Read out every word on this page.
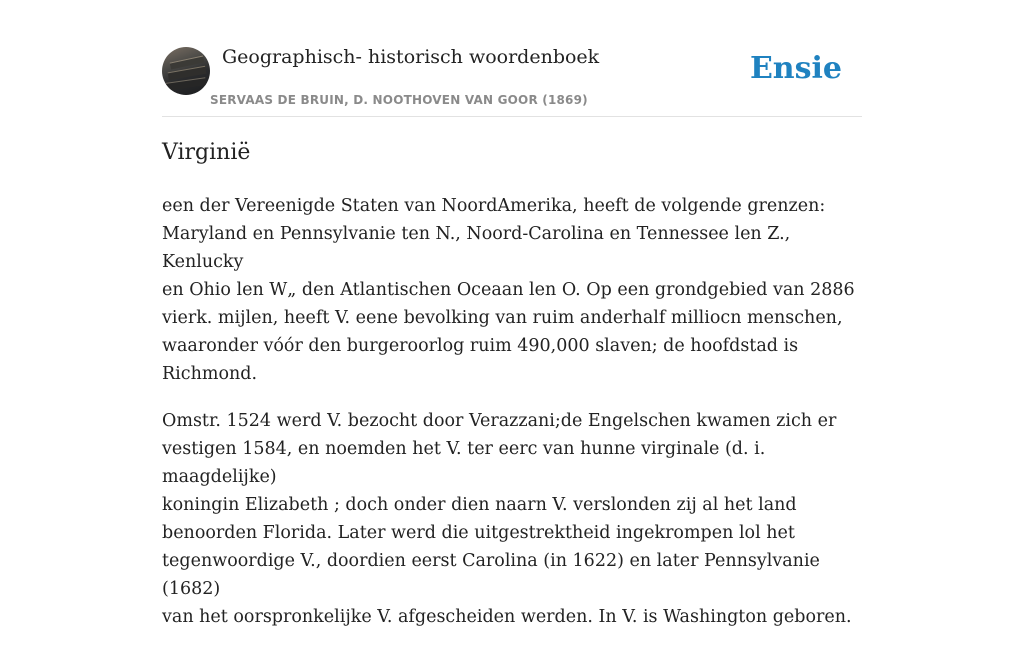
Geographisch- historisch woordenboek
SERVAAS DE BRUIN, D. NOOTHOVEN VAN GOOR (1869)
Ensie
Virginië

een der Vereenigde Staten van NoordAmerika, heeft de volgende grenzen:
Maryland en Pennsylvanie ten N., Noord-Carolina en Tennessee len Z., Kenlucky
en Ohio len W„ den Atlantischen Oceaan len O. Op een grondgebied van 2886
vierk. mijlen, heeft V. eene bevolking van ruim anderhalf milliocn menschen,
waaronder vóór den burgeroorlog ruim 490,000 slaven; de hoofdstad is Richmond.

Omstr. 1524 werd V. bezocht door Verazzani;de Engelschen kwamen zich er
vestigen 1584, en noemden het V. ter eerc van hunne virginale (d. i. maagdelijke)
koningin Elizabeth ; doch onder dien naarn V. verslonden zij al het land
benoorden Florida. Later werd die uitgestrektheid ingekrompen lol het
tegenwoordige V., doordien eerst Carolina (in 1622) en later Pennsylvanie (1682)
van het oorspronkelijke V. afgescheiden werden. In V. is Washington geboren.
